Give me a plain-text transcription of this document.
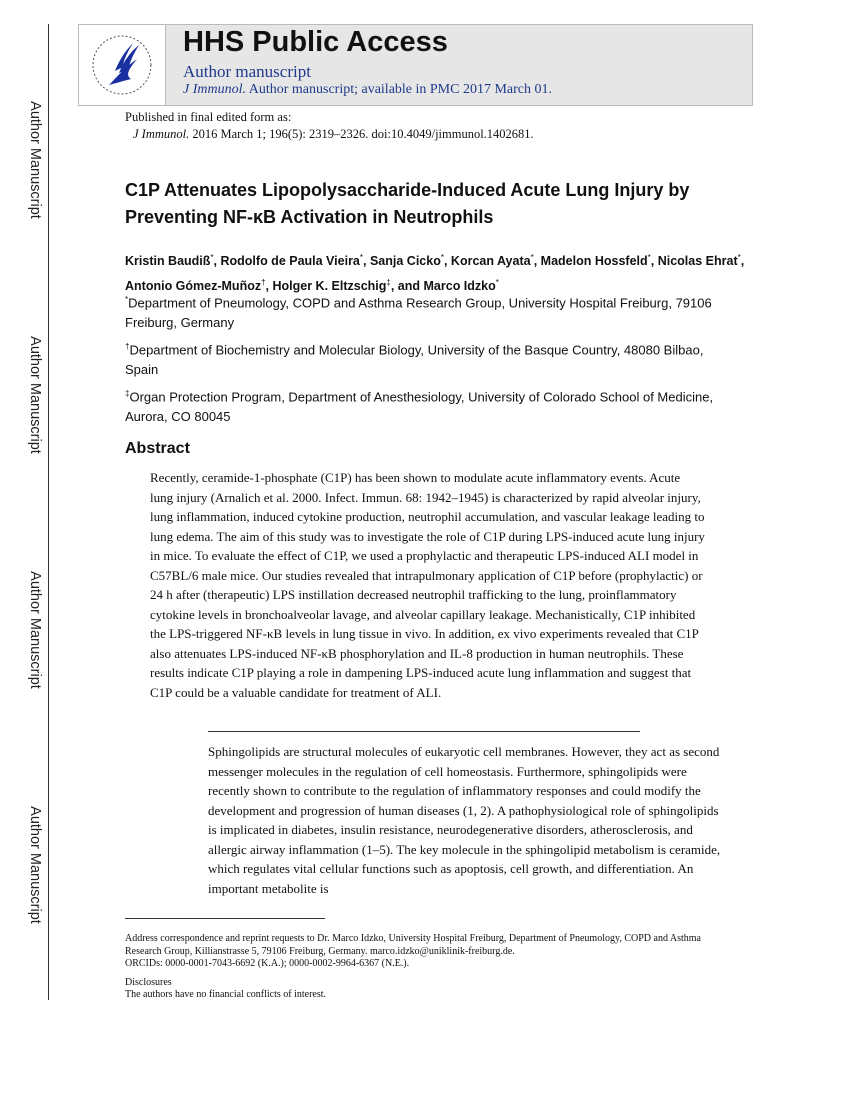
Author Manuscript
Author Manuscript
Author Manuscript
Author Manuscript
HHS Public Access
Author manuscript
J Immunol. Author manuscript; available in PMC 2017 March 01.
Published in final edited form as:
J Immunol. 2016 March 1; 196(5): 2319–2326. doi:10.4049/jimmunol.1402681.
C1P Attenuates Lipopolysaccharide-Induced Acute Lung Injury by Preventing NF-κB Activation in Neutrophils
Kristin Baudiß*, Rodolfo de Paula Vieira*, Sanja Cicko*, Korcan Ayata*, Madelon Hossfeld*, Nicolas Ehrat*, Antonio Gómez-Muñoz†, Holger K. Eltzschig‡, and Marco Idzko*
*Department of Pneumology, COPD and Asthma Research Group, University Hospital Freiburg, 79106 Freiburg, Germany
†Department of Biochemistry and Molecular Biology, University of the Basque Country, 48080 Bilbao, Spain
‡Organ Protection Program, Department of Anesthesiology, University of Colorado School of Medicine, Aurora, CO 80045
Abstract
Recently, ceramide-1-phosphate (C1P) has been shown to modulate acute inflammatory events. Acute lung injury (Arnalich et al. 2000. Infect. Immun. 68: 1942–1945) is characterized by rapid alveolar injury, lung inflammation, induced cytokine production, neutrophil accumulation, and vascular leakage leading to lung edema. The aim of this study was to investigate the role of C1P during LPS-induced acute lung injury in mice. To evaluate the effect of C1P, we used a prophylactic and therapeutic LPS-induced ALI model in C57BL/6 male mice. Our studies revealed that intrapulmonary application of C1P before (prophylactic) or 24 h after (therapeutic) LPS instillation decreased neutrophil trafficking to the lung, proinflammatory cytokine levels in bronchoalveolar lavage, and alveolar capillary leakage. Mechanistically, C1P inhibited the LPS-triggered NF-κB levels in lung tissue in vivo. In addition, ex vivo experiments revealed that C1P also attenuates LPS-induced NF-κB phosphorylation and IL-8 production in human neutrophils. These results indicate C1P playing a role in dampening LPS-induced acute lung inflammation and suggest that C1P could be a valuable candidate for treatment of ALI.
Sphingolipids are structural molecules of eukaryotic cell membranes. However, they act as second messenger molecules in the regulation of cell homeostasis. Furthermore, sphingolipids were recently shown to contribute to the regulation of inflammatory responses and could modify the development and progression of human diseases (1, 2). A pathophysiological role of sphingolipids is implicated in diabetes, insulin resistance, neurodegenerative disorders, atherosclerosis, and allergic airway inflammation (1–5). The key molecule in the sphingolipid metabolism is ceramide, which regulates vital cellular functions such as apoptosis, cell growth, and differentiation. An important metabolite is

Address correspondence and reprint requests to Dr. Marco Idzko, University Hospital Freiburg, Department of Pneumology, COPD and Asthma Research Group, Killianstrasse 5, 79106 Freiburg, Germany. marco.idzko@uniklinik-freiburg.de.

ORCIDs: 0000-0001-7043-6692 (K.A.); 0000-0002-9964-6367 (N.E.).

Disclosures

The authors have no financial conflicts of interest.
